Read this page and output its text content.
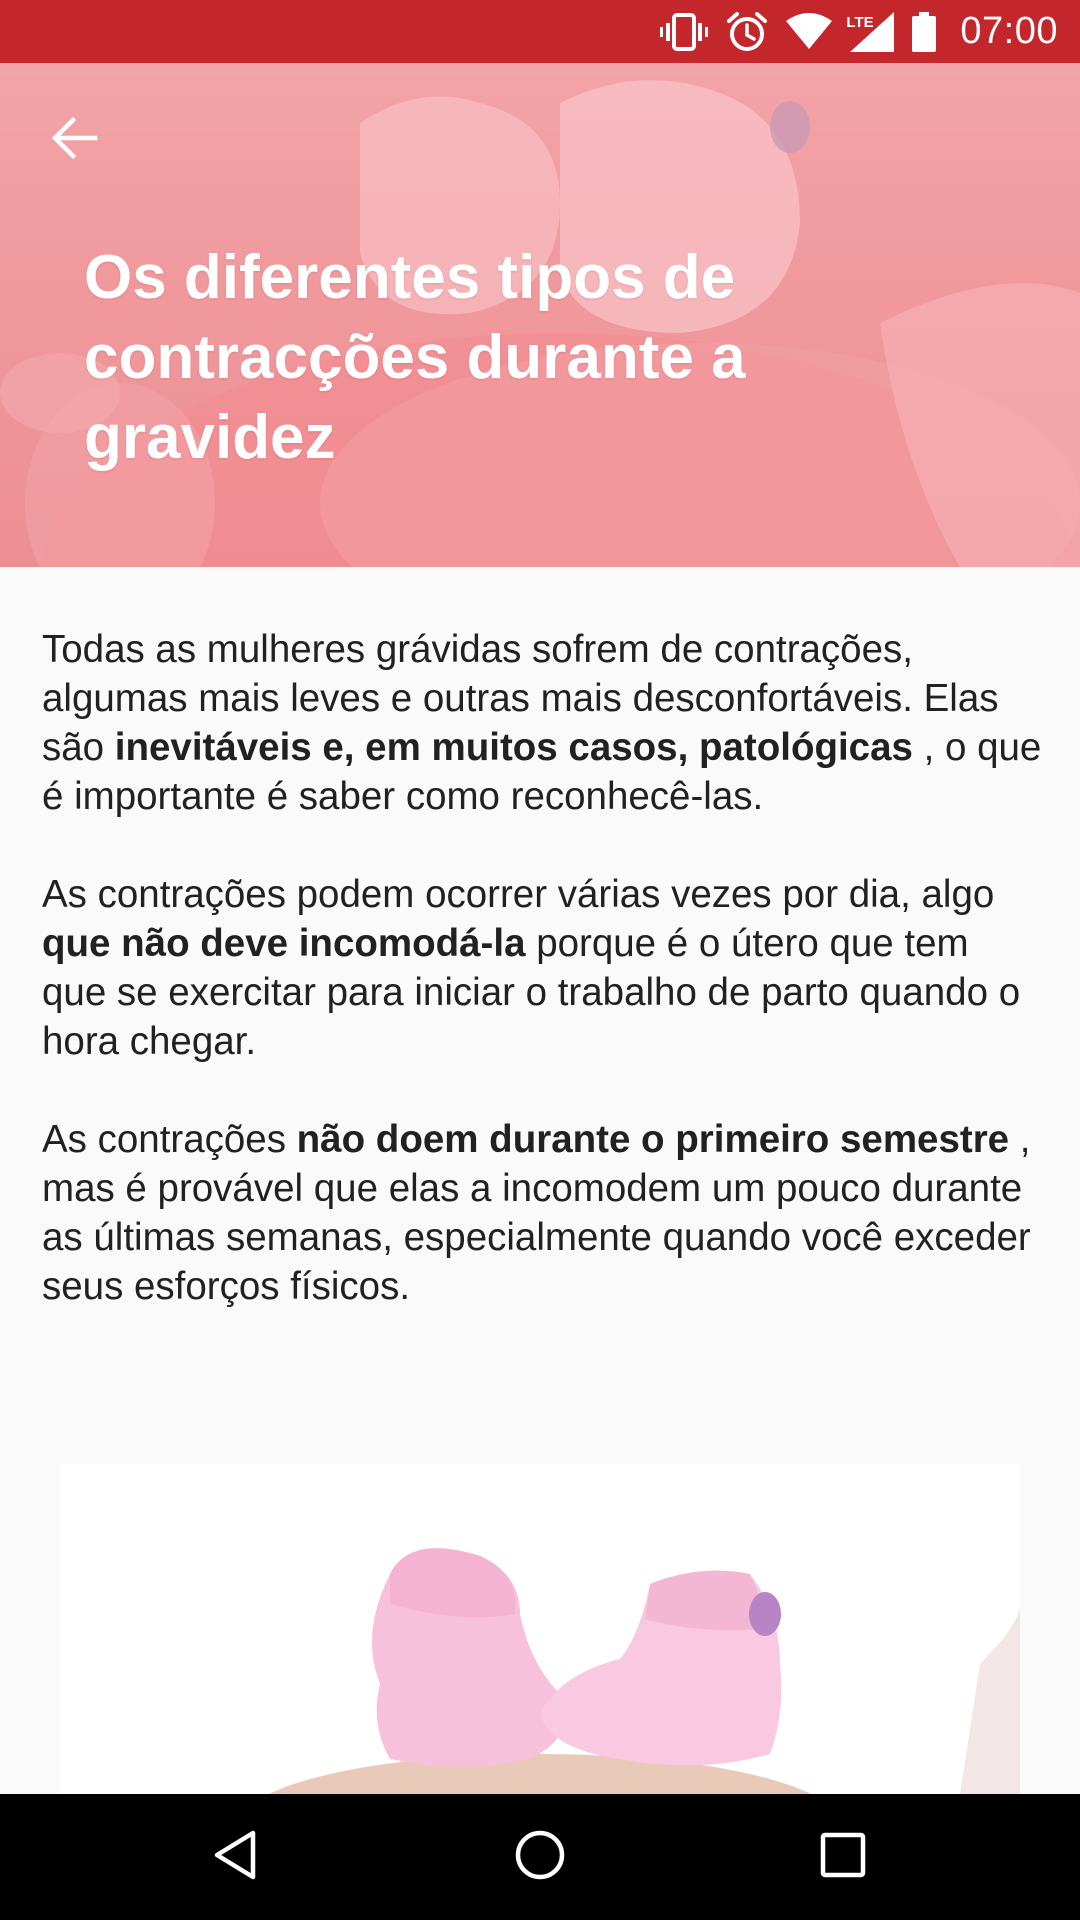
LTE 07:00
Os diferentes tipos de contracções durante a gravidez

Todas as mulheres grávidas sofrem de contrações, algumas mais leves e outras mais desconfortáveis. Elas são inevitáveis e, em muitos casos, patológicas , o que é importante é saber como reconhecê-las.

As contrações podem ocorrer várias vezes por dia, algo que não deve incomodá-la porque é o útero que tem que se exercitar para iniciar o trabalho de parto quando o hora chegar.

As contrações não doem durante o primeiro semestre , mas é provável que elas a incomodem um pouco durante as últimas semanas, especialmente quando você exceder seus esforços físicos.
